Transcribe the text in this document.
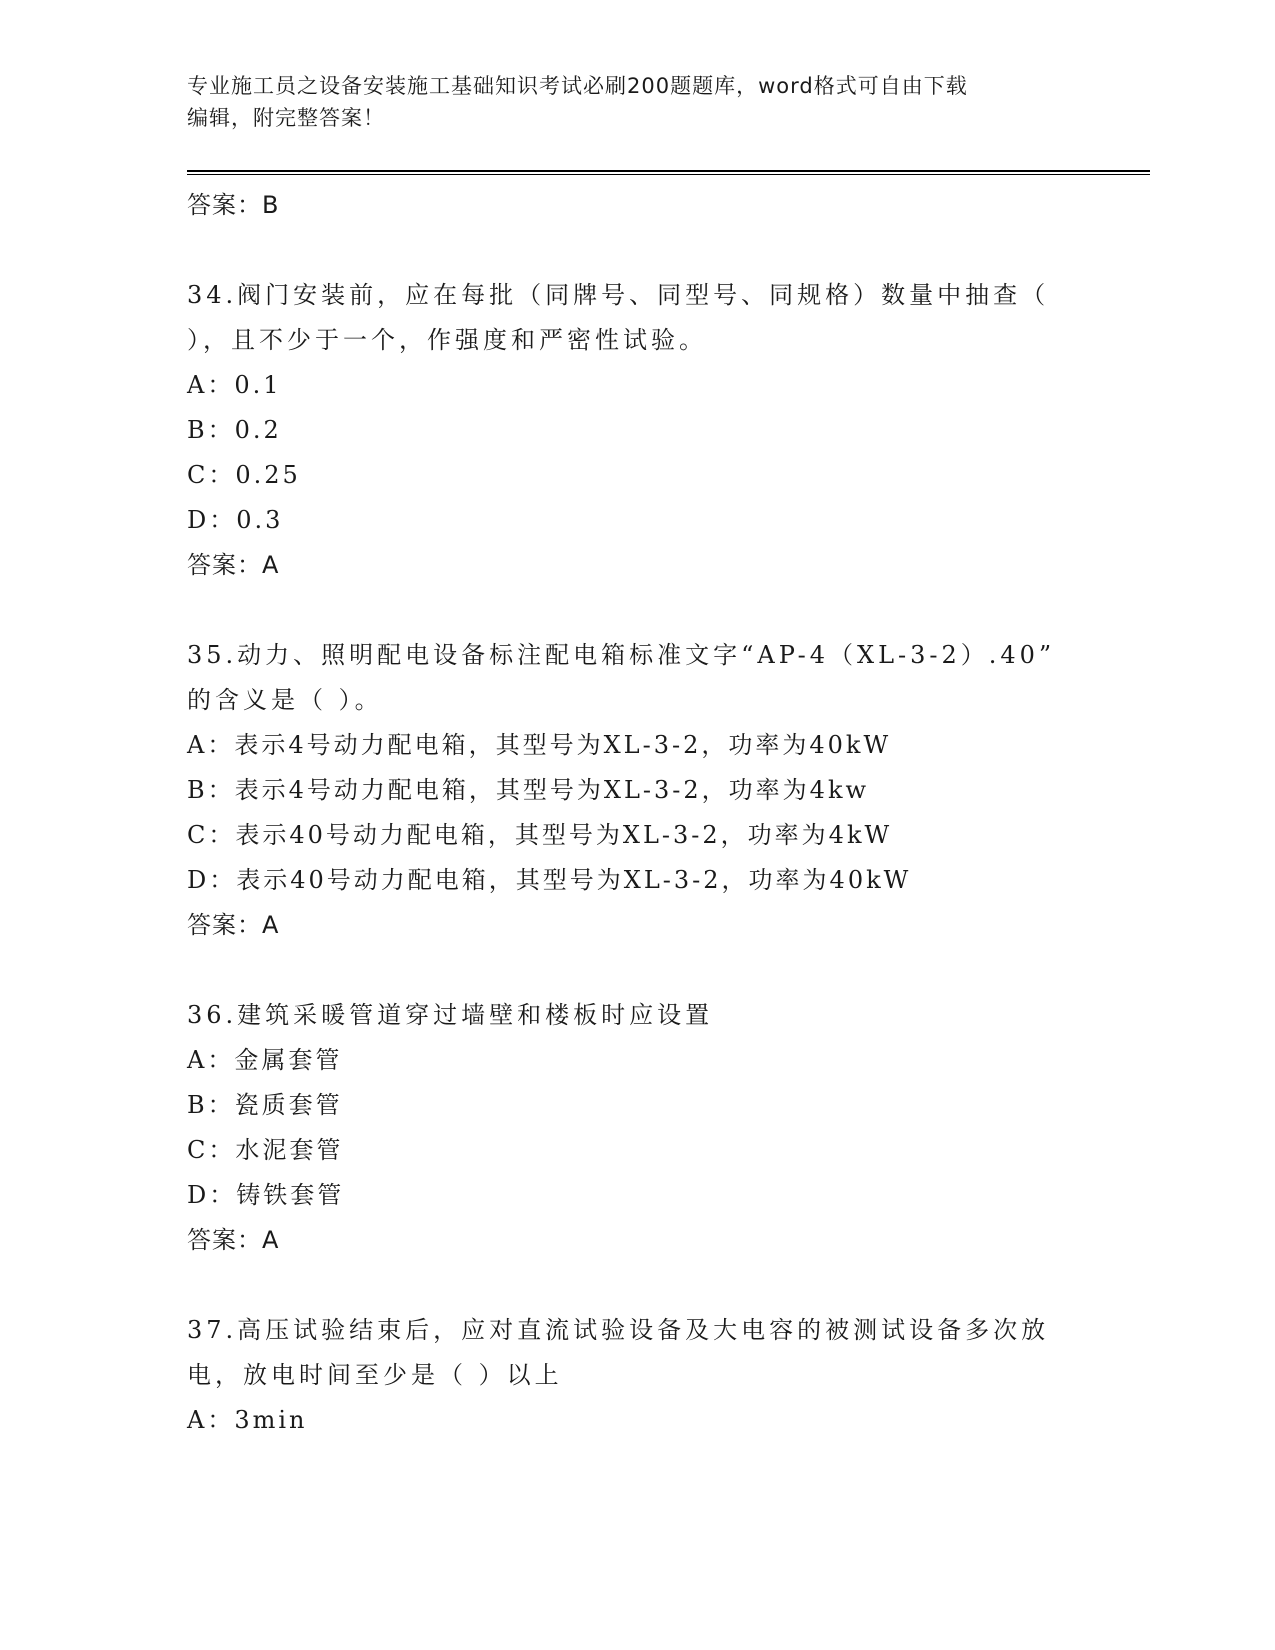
专业施工员之设备安装施工基础知识考试必刷200题题库，word格式可自由下载
编辑，附完整答案！
答案：B
34.阀门安装前，应在每批（同牌号、同型号、同规格）数量中抽查（
），且不少于一个，作强度和严密性试验。
A：0.1
B：0.2
C：0.25
D：0.3
答案：A
35.动力、照明配电设备标注配电箱标准文字“AP-4（XL-3-2）.40”
的含义是（ ）。
A：表示4号动力配电箱，其型号为XL-3-2，功率为40kW
B：表示4号动力配电箱，其型号为XL-3-2，功率为4kw
C：表示40号动力配电箱，其型号为XL-3-2，功率为4kW
D：表示40号动力配电箱，其型号为XL-3-2，功率为40kW
答案：A
36.建筑采暖管道穿过墙壁和楼板时应设置
A：金属套管
B：瓷质套管
C：水泥套管
D：铸铁套管
答案：A
37.高压试验结束后，应对直流试验设备及大电容的被测试设备多次放
电，放电时间至少是（ ）以上
A：3min
